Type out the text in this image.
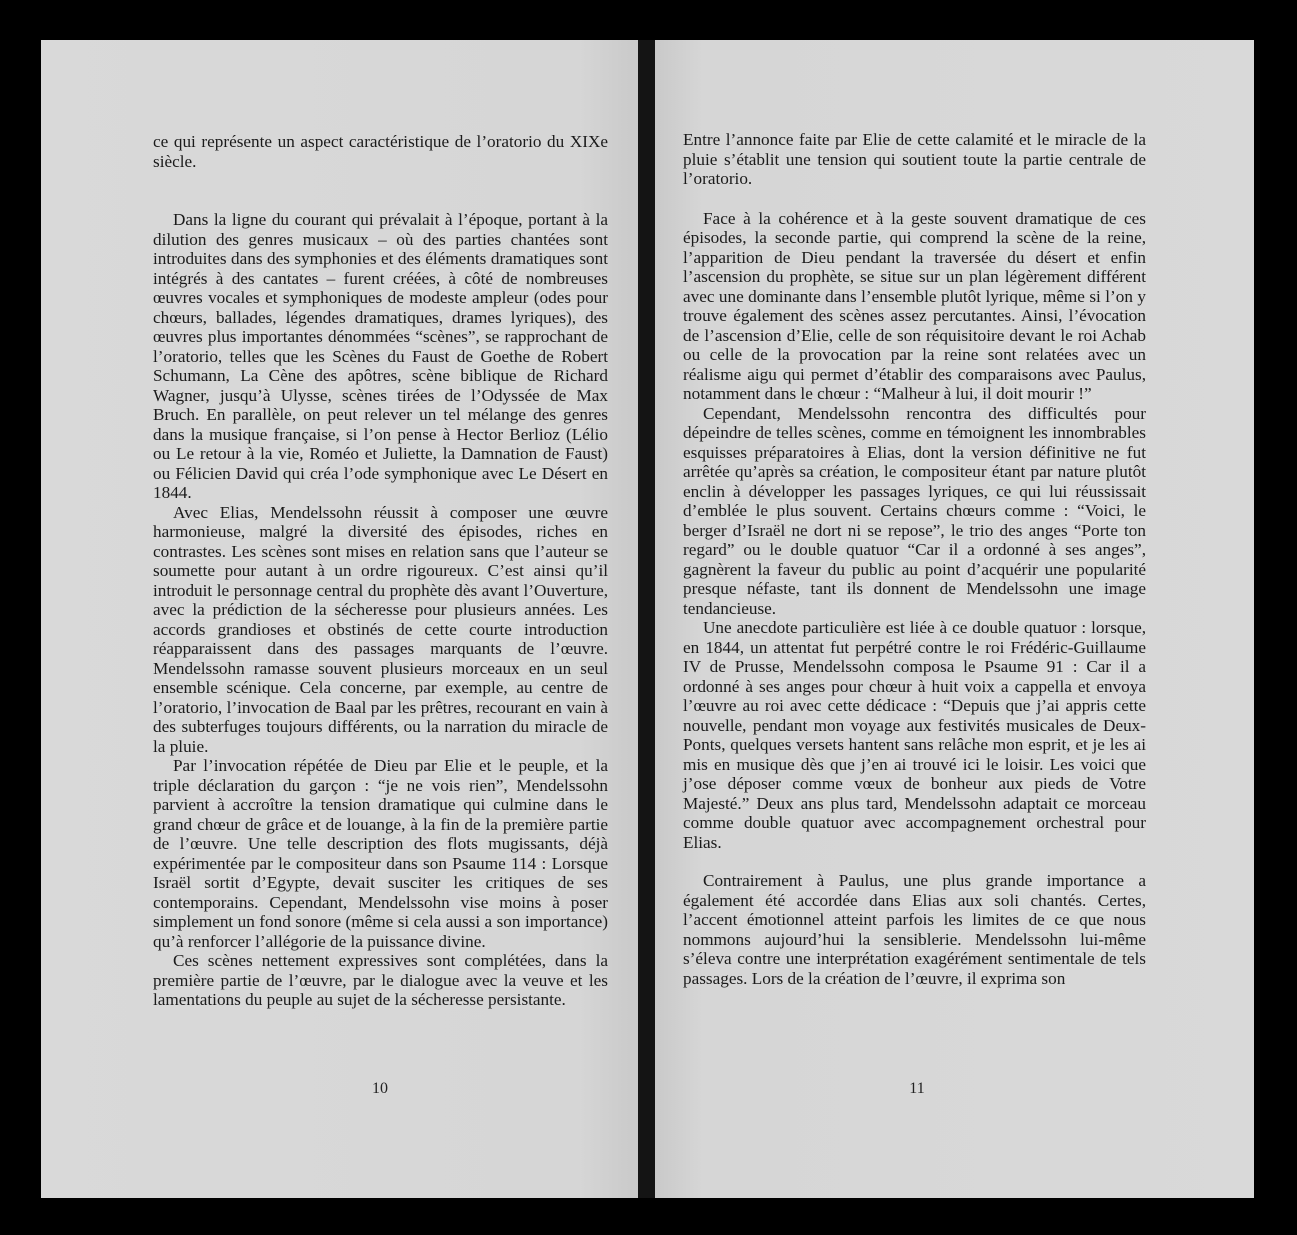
ce qui représente un aspect caractéristique de l’oratorio du XIXe siècle.

Dans la ligne du courant qui prévalait à l’époque, portant à la dilution des genres musicaux – où des parties chantées sont introduites dans des symphonies et des éléments dramatiques sont intégrés à des cantates – furent créées, à côté de nombreuses œuvres vocales et symphoniques de modeste ampleur (odes pour chœurs, ballades, légendes dramatiques, drames lyriques), des œuvres plus importantes dénommées “scènes”, se rapprochant de l’oratorio, telles que les Scènes du Faust de Goethe de Robert Schumann, La Cène des apôtres, scène biblique de Richard Wagner, jusqu’à Ulysse, scènes tirées de l’Odyssée de Max Bruch. En parallèle, on peut relever un tel mélange des genres dans la musique française, si l’on pense à Hector Berlioz (Lélio ou Le retour à la vie, Roméo et Juliette, la Damnation de Faust) ou Félicien David qui créa l’ode symphonique avec Le Désert en 1844.

Avec Elias, Mendelssohn réussit à composer une œuvre harmonieuse, malgré la diversité des épisodes, riches en contrastes. Les scènes sont mises en relation sans que l’auteur se soumette pour autant à un ordre rigoureux. C’est ainsi qu’il introduit le personnage central du prophète dès avant l’Ouverture, avec la prédiction de la sécheresse pour plusieurs années. Les accords grandioses et obstinés de cette courte introduction réapparaissent dans des passages marquants de l’œuvre. Mendelssohn ramasse souvent plusieurs morceaux en un seul ensemble scénique. Cela concerne, par exemple, au centre de l’oratorio, l’invocation de Baal par les prêtres, recourant en vain à des subterfuges toujours différents, ou la narration du miracle de la pluie.

Par l’invocation répétée de Dieu par Elie et le peuple, et la triple déclaration du garçon : “je ne vois rien”, Mendelssohn parvient à accroître la tension dramatique qui culmine dans le grand chœur de grâce et de louange, à la fin de la première partie de l’œuvre. Une telle description des flots mugissants, déjà expérimentée par le compositeur dans son Psaume 114 : Lorsque Israël sortit d’Egypte, devait susciter les critiques de ses contemporains. Cependant, Mendelssohn vise moins à poser simplement un fond sonore (même si cela aussi a son importance) qu’à renforcer l’allégorie de la puissance divine.

Ces scènes nettement expressives sont complétées, dans la première partie de l’œuvre, par le dialogue avec la veuve et les lamentations du peuple au sujet de la sécheresse persistante.

10

Entre l’annonce faite par Elie de cette calamité et le miracle de la pluie s’établit une tension qui soutient toute la partie centrale de l’oratorio.

Face à la cohérence et à la geste souvent dramatique de ces épisodes, la seconde partie, qui comprend la scène de la reine, l’apparition de Dieu pendant la traversée du désert et enfin l’ascension du prophète, se situe sur un plan légèrement différent avec une dominante dans l’ensemble plutôt lyrique, même si l’on y trouve également des scènes assez percutantes. Ainsi, l’évocation de l’ascension d’Elie, celle de son réquisitoire devant le roi Achab ou celle de la provocation par la reine sont relatées avec un réalisme aigu qui permet d’établir des comparaisons avec Paulus, notamment dans le chœur : “Malheur à lui, il doit mourir !”

Cependant, Mendelssohn rencontra des difficultés pour dépeindre de telles scènes, comme en témoignent les innombrables esquisses préparatoires à Elias, dont la version définitive ne fut arrêtée qu’après sa création, le compositeur étant par nature plutôt enclin à développer les passages lyriques, ce qui lui réussissait d’emblée le plus souvent. Certains chœurs comme : “Voici, le berger d’Israël ne dort ni se repose”, le trio des anges “Porte ton regard” ou le double quatuor “Car il a ordonné à ses anges”, gagnèrent la faveur du public au point d’acquérir une popularité presque néfaste, tant ils donnent de Mendelssohn une image tendancieuse.

Une anecdote particulière est liée à ce double quatuor : lorsque, en 1844, un attentat fut perpétré contre le roi Frédéric-Guillaume IV de Prusse, Mendelssohn composa le Psaume 91 : Car il a ordonné à ses anges pour chœur à huit voix a cappella et envoya l’œuvre au roi avec cette dédicace : “Depuis que j’ai appris cette nouvelle, pendant mon voyage aux festivités musicales de Deux-Ponts, quelques versets hantent sans relâche mon esprit, et je les ai mis en musique dès que j’en ai trouvé ici le loisir. Les voici que j’ose déposer comme vœux de bonheur aux pieds de Votre Majesté.” Deux ans plus tard, Mendelssohn adaptait ce morceau comme double quatuor avec accompagnement orchestral pour Elias.

Contrairement à Paulus, une plus grande importance a également été accordée dans Elias aux soli chantés. Certes, l’accent émotionnel atteint parfois les limites de ce que nous nommons aujourd’hui la sensiblerie. Mendelssohn lui-même s’éleva contre une interprétation exagérément sentimentale de tels passages. Lors de la création de l’œuvre, il exprima son

11
